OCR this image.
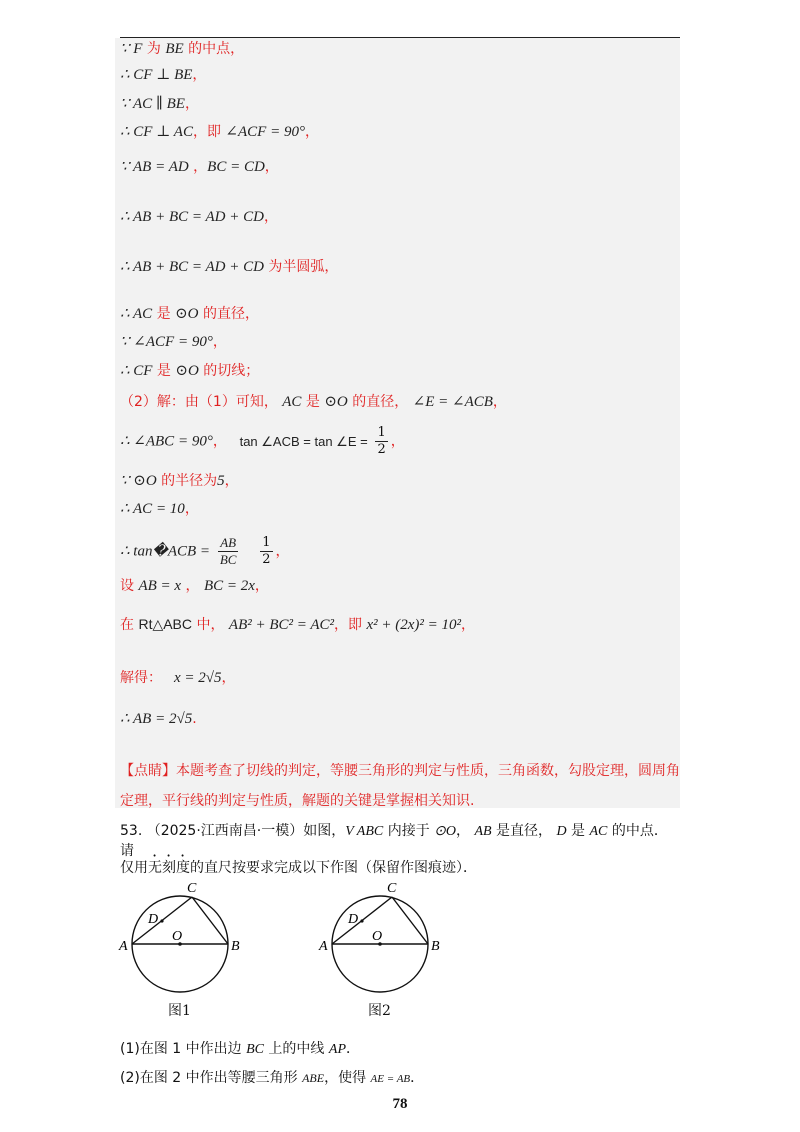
∵ F 为 BE 的中点，
∴ CF ⊥ BE，
∵ AC ∥ BE，
∴ CF ⊥ AC，即 ∠ACF = 90°，
∵ AB = AD ，BC = CD，
∴ AB + BC = AD + CD，
∴ AB + BC = AD + CD 为半圆弧，
∴ AC 是 ⊙O 的直径，
∵ ∠ACF = 90°，
∴ CF 是 ⊙O 的切线；
（2）解：由（1）可知， AC 是 ⊙O 的直径， ∠E = ∠ACB，
∴ ∠ABC = 90°， tan ∠ACB = tan ∠E = $\frac{1}{2}$ ，
∵ ⊙O 的半径为5，
∴ AC = 10，
∴ tan�ACB = $\frac{AB}{BC}$
$\frac{1}{2}$ ，
设 AB = x ， BC = 2x，
在 Rt△ABC 中， AB² + BC² = AC²，即 x² + (2x)² = 10²，
解得： x = 2√5，
∴ AB = 2√5.
【点睛】本题考查了切线的判定，等腰三角形的判定与性质，三角函数，勾股定理，圆周角定理，平行线的判定与性质，解题的关键是掌握相关知识.
53. （2025·江西南昌·一模）如图，V ABC 内接于 ⊙O， AB 是直径， D 是 AC 的中点．请
仅用无刻度的直尺按要求完成以下作图（保留作图痕迹）．
A	B
C
D
O
图1
A	B
C
D
O
图2
(1)在图 1 中作出边 BC 上的中线 AP．
(2)在图 2 中作出等腰三角形 ABE，使得 AE = AB．
78
